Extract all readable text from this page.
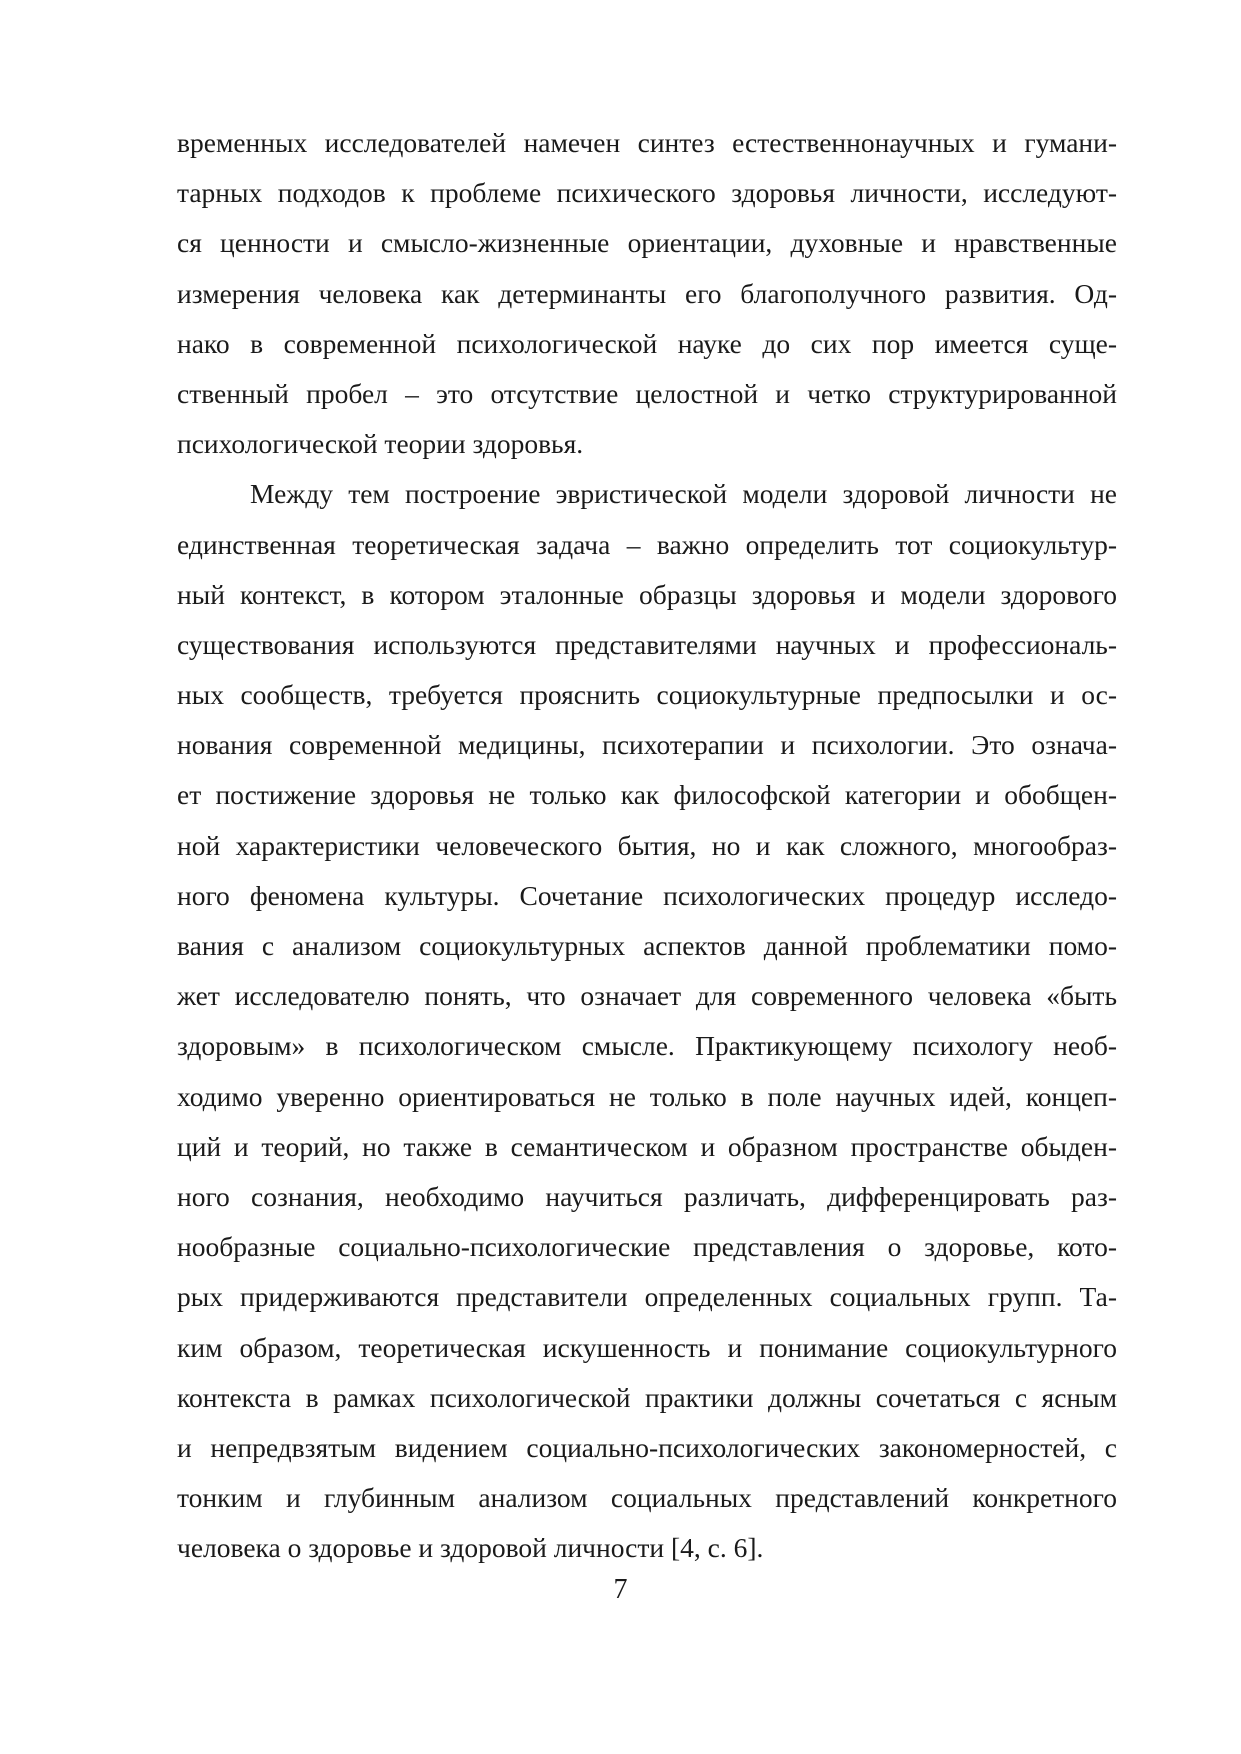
временных исследователей намечен синтез естественнонаучных и гумани-
тарных подходов к проблеме психического здоровья личности, исследуют-
ся ценности и смысло-жизненные ориентации, духовные и нравственные
измерения человека как детерминанты его благополучного развития. Од-
нако в современной психологической науке до сих пор имеется суще-
ственный пробел – это отсутствие целостной и четко структурированной
психологической теории здоровья.
Между тем построение эвристической модели здоровой личности не
единственная теоретическая задача – важно определить тот социокультур-
ный контекст, в котором эталонные образцы здоровья и модели здорового
существования используются представителями научных и профессиональ-
ных сообществ, требуется прояснить социокультурные предпосылки и ос-
нования современной медицины, психотерапии и психологии. Это означа-
ет постижение здоровья не только как философской категории и обобщен-
ной характеристики человеческого бытия, но и как сложного, многообраз-
ного феномена культуры. Сочетание психологических процедур исследо-
вания с анализом социокультурных аспектов данной проблематики помо-
жет исследователю понять, что означает для современного человека «быть
здоровым» в психологическом смысле. Практикующему психологу необ-
ходимо уверенно ориентироваться не только в поле научных идей, концеп-
ций и теорий, но также в семантическом и образном пространстве обыден-
ного сознания, необходимо научиться различать, дифференцировать раз-
нообразные социально-психологические представления о здоровье, кото-
рых придерживаются представители определенных социальных групп. Та-
ким образом, теоретическая искушенность и понимание социокультурного
контекста в рамках психологической практики должны сочетаться с ясным
и непредвзятым видением социально-психологических закономерностей, с
тонким и глубинным анализом социальных представлений конкретного
человека о здоровье и здоровой личности [4, с. 6].
7
